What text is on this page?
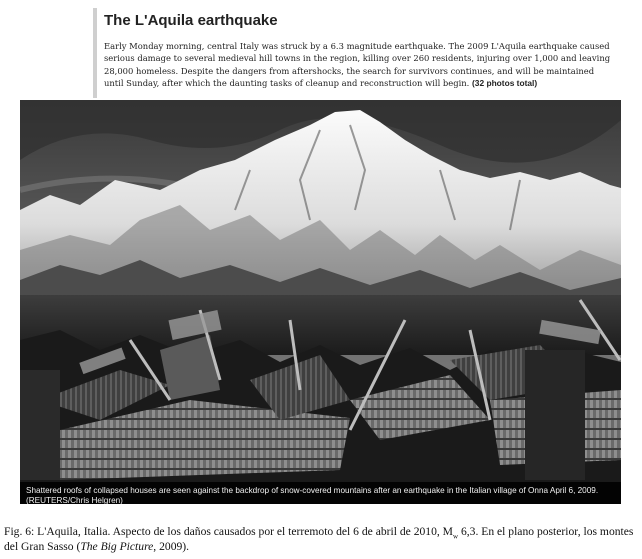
The L'Aquila earthquake

Early Monday morning, central Italy was struck by a 6.3 magnitude earthquake. The 2009 L'Aquila earthquake caused serious damage to several medieval hill towns in the region, killing over 260 residents, injuring over 1,000 and leaving 28,000 homeless. Despite the dangers from aftershocks, the search for survivors continues, and will be maintained until Sunday, after which the daunting tasks of cleanup and reconstruction will begin. (32 photos total)

Shattered roofs of collapsed houses are seen against the backdrop of snow-covered mountains after an earthquake in the Italian village of Onna April 6, 2009.
(REUTERS/Chris Helgren)

Fig. 6: L'Aquila, Italia. Aspecto de los daños causados por el terremoto del 6 de abril de 2010, $M_w$ 6,3. En el plano posterior, los montes del Gran Sasso (The Big Picture, 2009).
